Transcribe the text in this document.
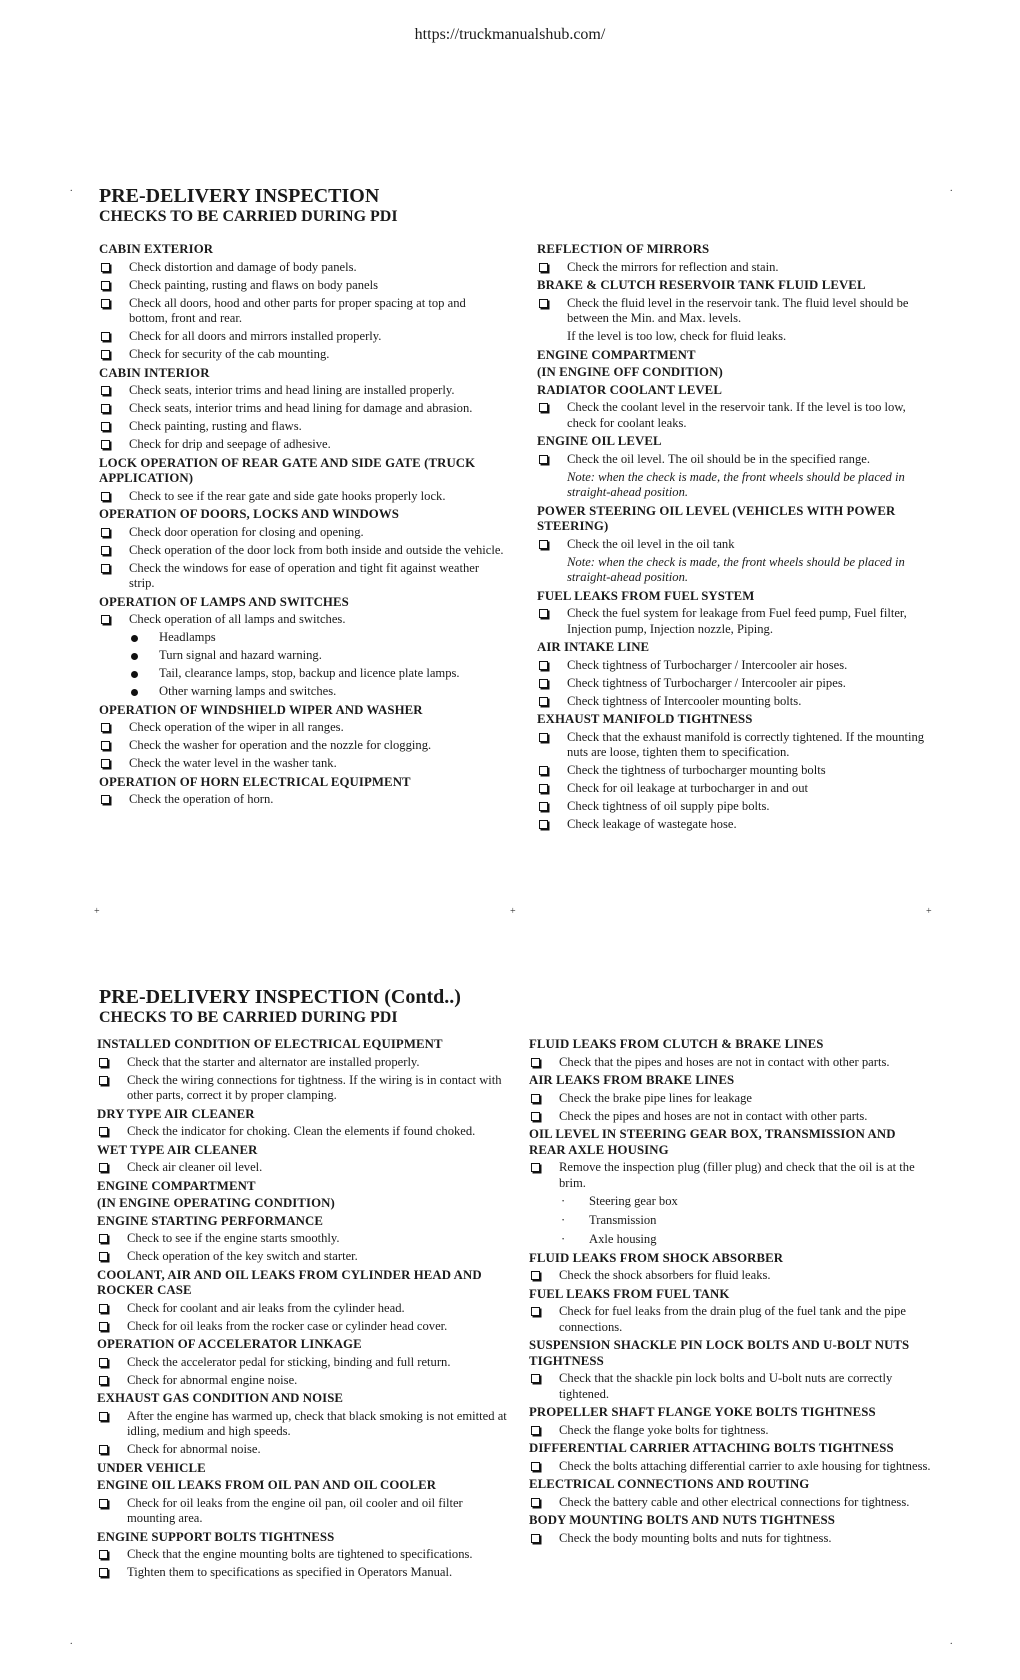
https://truckmanualshub.com/
.	.
+	+	+
.	.
PRE-DELIVERY INSPECTION
CHECKS TO BE CARRIED DURING PDI
CABIN EXTERIOR
Check distortion and damage of body panels.
Check painting, rusting and flaws on body panels
Check all doors, hood and other parts for proper spacing at top and bottom, front and rear.
Check for all doors and mirrors installed properly.
Check for security of the cab mounting.
CABIN INTERIOR
Check seats, interior trims and head lining are installed properly.
Check seats, interior trims and head lining for damage and abrasion.
Check painting, rusting and flaws.
Check for drip and seepage of adhesive.
LOCK OPERATION OF REAR GATE AND SIDE GATE (TRUCK APPLICATION)
Check to see if the rear gate and side gate hooks properly lock.
OPERATION OF DOORS, LOCKS AND WINDOWS
Check door operation for closing and opening.
Check operation of the door lock from both inside and outside the vehicle.
Check the windows for ease of operation and tight fit against weather strip.
OPERATION OF LAMPS AND SWITCHES
Check operation of all lamps and switches.
Headlamps
Turn signal and hazard warning.
Tail, clearance lamps, stop, backup and licence plate lamps.
Other warning lamps and switches.
OPERATION OF WINDSHIELD WIPER AND WASHER
Check operation of the wiper in all ranges.
Check the washer for operation and the nozzle for clogging.
Check the water level in the washer tank.
OPERATION OF HORN ELECTRICAL EQUIPMENT
Check the operation of horn.
REFLECTION OF MIRRORS
Check the mirrors for reflection and stain.
BRAKE & CLUTCH RESERVOIR TANK FLUID LEVEL
Check the fluid level in the reservoir tank. The fluid level should be between the Min. and Max. levels.
If the level is too low, check for fluid leaks.
ENGINE COMPARTMENT
(IN ENGINE OFF CONDITION)
RADIATOR COOLANT LEVEL
Check the coolant level in the reservoir tank. If the level is too low, check for coolant leaks.
ENGINE OIL LEVEL
Check the oil level. The oil should be in the specified range.
Note: when the check is made, the front wheels should be placed in straight-ahead position.
POWER STEERING OIL LEVEL (VEHICLES WITH POWER STEERING)
Check the oil level in the oil tank
Note: when the check is made, the front wheels should be placed in straight-ahead position.
FUEL LEAKS FROM FUEL SYSTEM
Check the fuel system for leakage from Fuel feed pump, Fuel filter, Injection pump, Injection nozzle, Piping.
AIR INTAKE LINE
Check tightness of Turbocharger / Intercooler air hoses.
Check tightness of Turbocharger / Intercooler air pipes.
Check tightness of Intercooler mounting bolts.
EXHAUST MANIFOLD TIGHTNESS
Check that the exhaust manifold is correctly tightened. If the mounting nuts are loose, tighten them to specification.
Check the tightness of turbocharger mounting bolts
Check for oil leakage at turbocharger in and out
Check tightness of oil supply pipe bolts.
Check leakage of wastegate hose.
PRE-DELIVERY INSPECTION (Contd..)
CHECKS TO BE CARRIED DURING PDI
INSTALLED CONDITION OF ELECTRICAL EQUIPMENT
Check that the starter and alternator are installed properly.
Check the wiring connections for tightness. If the wiring is in contact with other parts, correct it by proper clamping.
DRY TYPE AIR CLEANER
Check the indicator for choking. Clean the elements if found choked.
WET TYPE AIR CLEANER
Check air cleaner oil level.
ENGINE COMPARTMENT
(IN ENGINE OPERATING CONDITION)
ENGINE STARTING PERFORMANCE
Check to see if the engine starts smoothly.
Check operation of the key switch and starter.
COOLANT, AIR AND OIL LEAKS FROM CYLINDER HEAD AND ROCKER CASE
Check for coolant and air leaks from the cylinder head.
Check for oil leaks from the rocker case or cylinder head cover.
OPERATION OF ACCELERATOR LINKAGE
Check the accelerator pedal for sticking, binding and full return.
Check for abnormal engine noise.
EXHAUST GAS CONDITION AND NOISE
After the engine has warmed up, check that black smoking is not emitted at idling, medium and high speeds.
Check for abnormal noise.
UNDER VEHICLE
ENGINE OIL LEAKS FROM OIL PAN AND OIL COOLER
Check for oil leaks from the engine oil pan, oil cooler and oil filter mounting area.
ENGINE SUPPORT BOLTS TIGHTNESS
Check that the engine mounting bolts are tightened to specifications.
Tighten them to specifications as specified in Operators Manual.
FLUID LEAKS FROM CLUTCH & BRAKE LINES
Check that the pipes and hoses are not in contact with other parts.
AIR LEAKS FROM BRAKE LINES
Check the brake pipe lines for leakage
Check the pipes and hoses are not in contact with other parts.
OIL LEVEL IN STEERING GEAR BOX, TRANSMISSION AND REAR AXLE HOUSING
Remove the inspection plug (filler plug) and check that the oil is at the brim.
· Steering gear box
· Transmission
· Axle housing
FLUID LEAKS FROM SHOCK ABSORBER
Check the shock absorbers for fluid leaks.
FUEL LEAKS FROM FUEL TANK
Check for fuel leaks from the drain plug of the fuel tank and the pipe connections.
SUSPENSION SHACKLE PIN LOCK BOLTS AND U-BOLT NUTS TIGHTNESS
Check that the shackle pin lock bolts and U-bolt nuts are correctly tightened.
PROPELLER SHAFT FLANGE YOKE BOLTS TIGHTNESS
Check the flange yoke bolts for tightness.
DIFFERENTIAL CARRIER ATTACHING BOLTS TIGHTNESS
Check the bolts attaching differential carrier to axle housing for tightness.
ELECTRICAL CONNECTIONS AND ROUTING
Check the battery cable and other electrical connections for tightness.
BODY MOUNTING BOLTS AND NUTS TIGHTNESS
Check the body mounting bolts and nuts for tightness.
